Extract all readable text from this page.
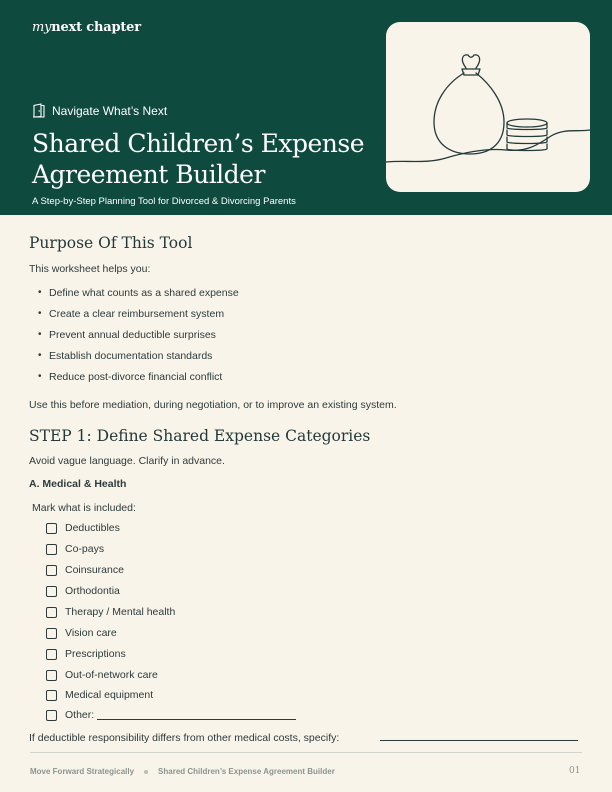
mynext chapter
Navigate What’s Next
Shared Children’s Expense
Agreement Builder
A Step-by-Step Planning Tool for Divorced & Divorcing Parents
Purpose Of This Tool
This worksheet helps you:
• Define what counts as a shared expense
• Create a clear reimbursement system
• Prevent annual deductible surprises
• Establish documentation standards
• Reduce post-divorce financial conflict
Use this before mediation, during negotiation, or to improve an existing system.
STEP 1: Define Shared Expense Categories
Avoid vague language. Clarify in advance.
A. Medical & Health
Mark what is included:
Deductibles
Co-pays
Coinsurance
Orthodontia
Therapy / Mental health
Vision care
Prescriptions
Out-of-network care
Medical equipment
Other:
If deductible responsibility differs from other medical costs, specify:
Move Forward Strategically	Shared Children’s Expense Agreement Builder	01
